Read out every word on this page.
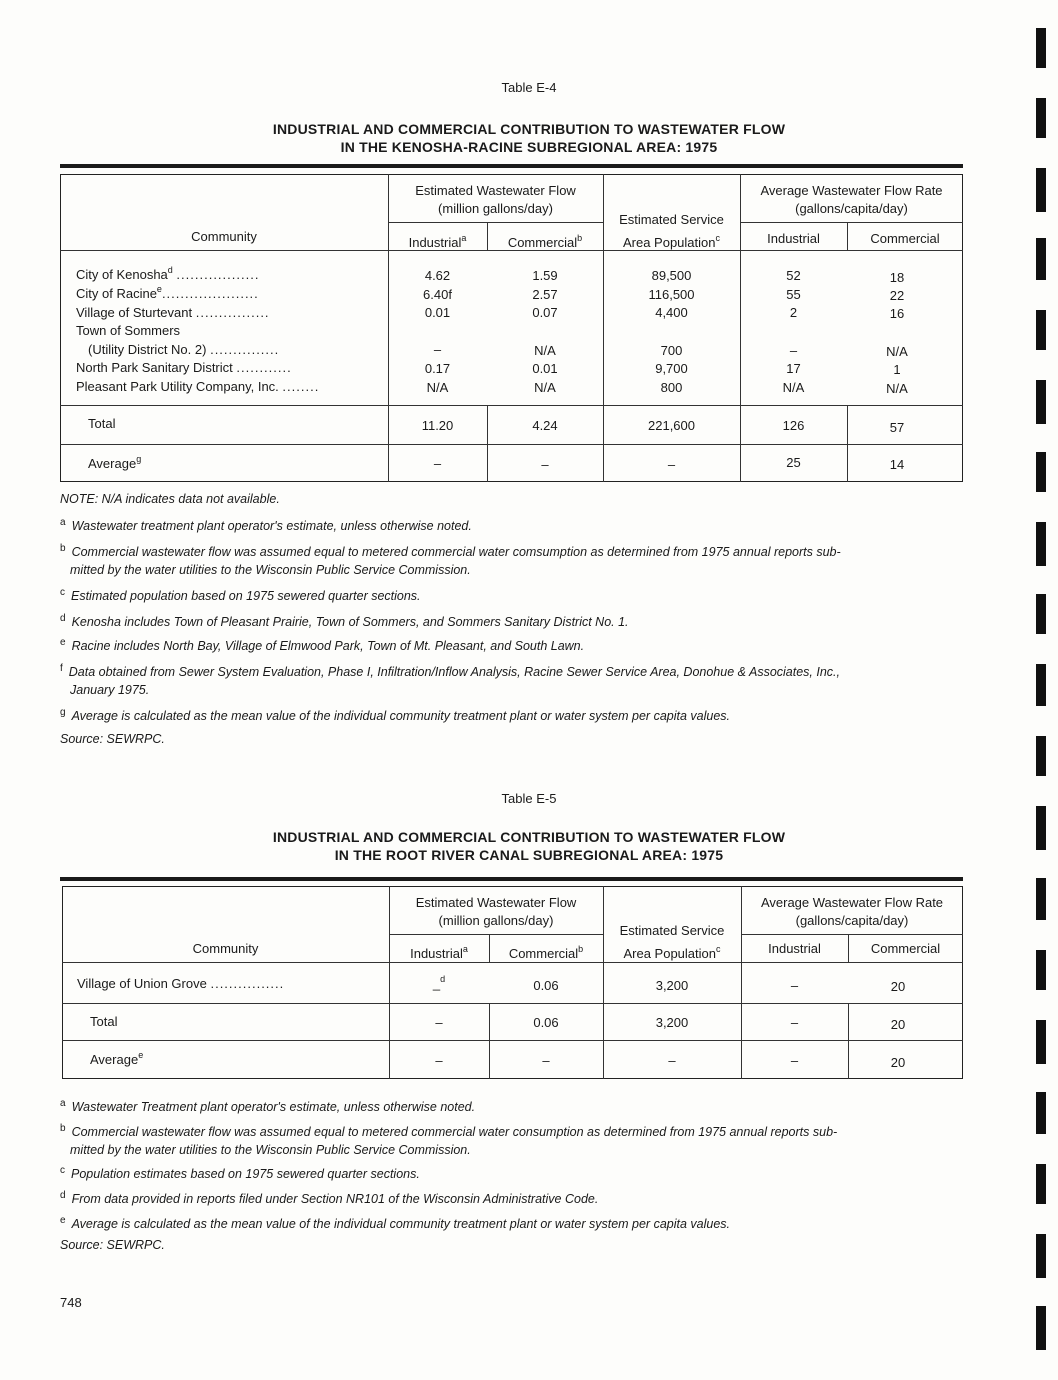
Table E-4
INDUSTRIAL AND COMMERCIAL CONTRIBUTION TO WASTEWATER FLOW
IN THE KENOSHA-RACINE SUBREGIONAL AREA: 1975
Community
Estimated Wastewater Flow
(million gallons/day)
Industrial$^a$	Commercial$^b$
Estimated Service
Area Population$^c$
Average Wastewater Flow Rate
(gallons/capita/day)
Industrial	Commercial
City of Kenosha$^d$ ..................	4.62	1.59	89,500	52	18
City of Racine$^e$.....................	6.40f	2.57	116,500	55	22
Village of Sturtevant ................	0.01	0.07	4,400	2	16
Town of Sommers
(Utility District No. 2) ...............	–	N/A	700	–	N/A
North Park Sanitary District ............	0.17	0.01	9,700	17	1
Pleasant Park Utility Company, Inc. ........	N/A	N/A	800	N/A	N/A
Total	11.20	4.24	221,600	126	57
Average$^g$	–	–	–	25	14
NOTE: N/A indicates data not available.
$^a$ Wastewater treatment plant operator's estimate, unless otherwise noted.
$^b$ Commercial wastewater flow was assumed equal to metered commercial water comsumption as determined from 1975 annual reports sub-
mitted by the water utilities to the Wisconsin Public Service Commission.
$^c$ Estimated population based on 1975 sewered quarter sections.
$^d$ Kenosha includes Town of Pleasant Prairie, Town of Sommers, and Sommers Sanitary District No. 1.
$^e$ Racine includes North Bay, Village of Elmwood Park, Town of Mt. Pleasant, and South Lawn.
$^f$ Data obtained from Sewer System Evaluation, Phase I, Infiltration/Inflow Analysis, Racine Sewer Service Area, Donohue & Associates, Inc.,
January 1975.
$^g$ Average is calculated as the mean value of the individual community treatment plant or water system per capita values.
Source: SEWRPC.
Table E-5
INDUSTRIAL AND COMMERCIAL CONTRIBUTION TO WASTEWATER FLOW
IN THE ROOT RIVER CANAL SUBREGIONAL AREA: 1975
Community
Estimated Wastewater Flow
(million gallons/day)
Industrial$^a$	Commercial$^b$
Estimated Service
Area Population$^c$
Average Wastewater Flow Rate
(gallons/capita/day)
Industrial	Commercial
Village of Union Grove ................	_$^d$	0.06	3,200	–	20
Total	–	0.06	3,200	–	20
Average$^e$	–	–	–	–	20
$^a$ Wastewater Treatment plant operator's estimate, unless otherwise noted.
$^b$ Commercial wastewater flow was assumed equal to metered commercial water consumption as determined from 1975 annual reports sub-
mitted by the water utilities to the Wisconsin Public Service Commission.
$^c$ Population estimates based on 1975 sewered quarter sections.
$^d$ From data provided in reports filed under Section NR101 of the Wisconsin Administrative Code.
$^e$ Average is calculated as the mean value of the individual community treatment plant or water system per capita values.
Source: SEWRPC.
748
